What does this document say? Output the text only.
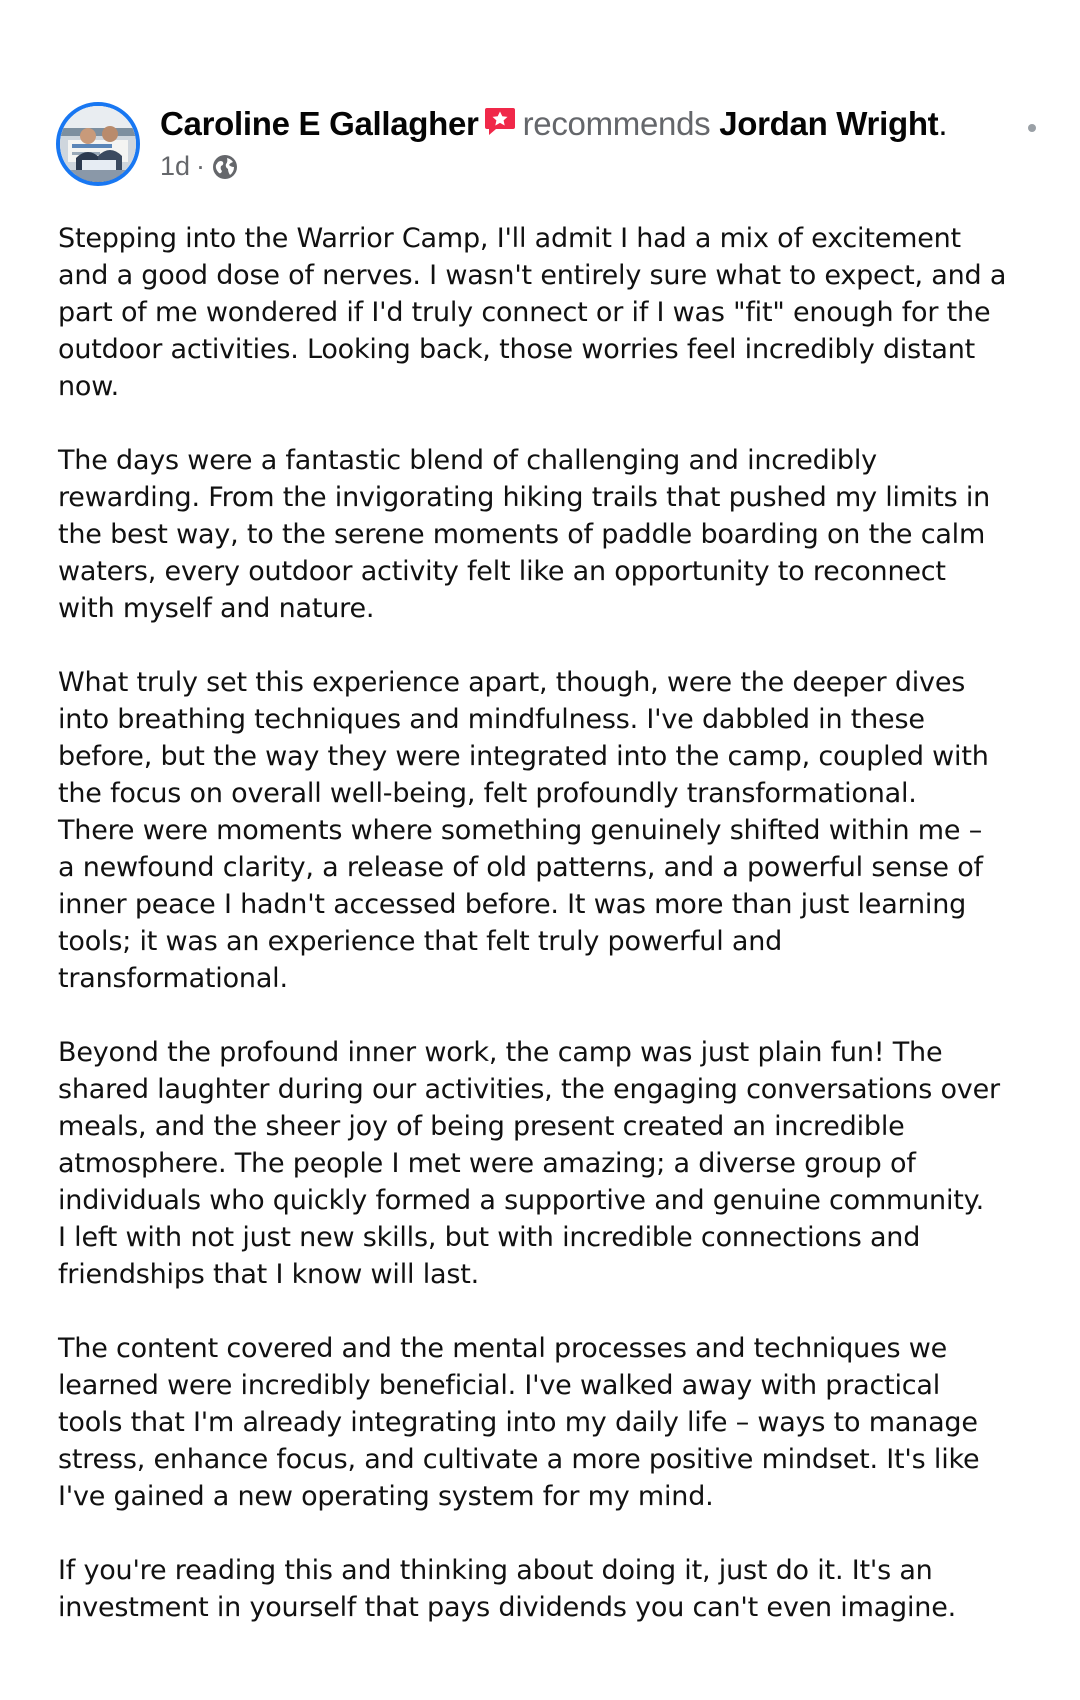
Caroline E Gallagher recommends Jordan Wright.
1d ·

Stepping into the Warrior Camp, I'll admit I had a mix of excitement
and a good dose of nerves. I wasn't entirely sure what to expect, and a
part of me wondered if I'd truly connect or if I was "fit" enough for the
outdoor activities. Looking back, those worries feel incredibly distant
now.

The days were a fantastic blend of challenging and incredibly
rewarding. From the invigorating hiking trails that pushed my limits in
the best way, to the serene moments of paddle boarding on the calm
waters, every outdoor activity felt like an opportunity to reconnect
with myself and nature.

What truly set this experience apart, though, were the deeper dives
into breathing techniques and mindfulness. I've dabbled in these
before, but the way they were integrated into the camp, coupled with
the focus on overall well-being, felt profoundly transformational.
There were moments where something genuinely shifted within me –
a newfound clarity, a release of old patterns, and a powerful sense of
inner peace I hadn't accessed before. It was more than just learning
tools; it was an experience that felt truly powerful and
transformational.

Beyond the profound inner work, the camp was just plain fun! The
shared laughter during our activities, the engaging conversations over
meals, and the sheer joy of being present created an incredible
atmosphere. The people I met were amazing; a diverse group of
individuals who quickly formed a supportive and genuine community.
I left with not just new skills, but with incredible connections and
friendships that I know will last.

The content covered and the mental processes and techniques we
learned were incredibly beneficial. I've walked away with practical
tools that I'm already integrating into my daily life – ways to manage
stress, enhance focus, and cultivate a more positive mindset. It's like
I've gained a new operating system for my mind.

If you're reading this and thinking about doing it, just do it. It's an
investment in yourself that pays dividends you can't even imagine.
